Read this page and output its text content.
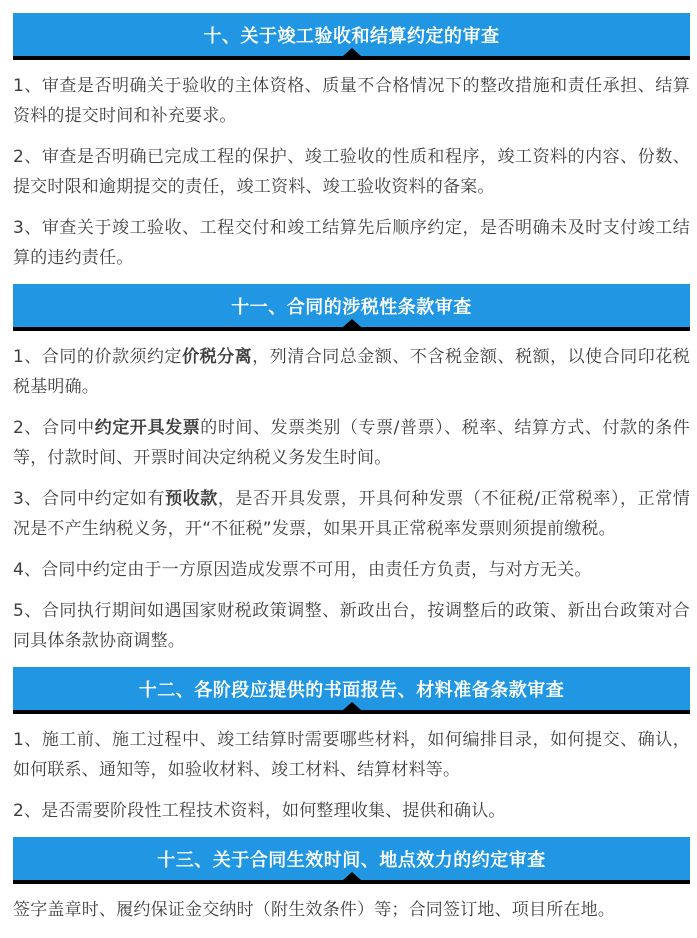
十、关于竣工验收和结算约定的审查

1、审查是否明确关于验收的主体资格、质量不合格情况下的整改措施和责任承担、结算资料的提交时间和补充要求。

2、审查是否明确已完成工程的保护、竣工验收的性质和程序，竣工资料的内容、份数、提交时限和逾期提交的责任，竣工资料、竣工验收资料的备案。

3、审查关于竣工验收、工程交付和竣工结算先后顺序约定，是否明确未及时支付竣工结算的违约责任。

十一、合同的涉税性条款审查

1、合同的价款须约定价税分离，列清合同总金额、不含税金额、税额，以使合同印花税税基明确。

2、合同中约定开具发票的时间、发票类别（专票/普票）、税率、结算方式、付款的条件等，付款时间、开票时间决定纳税义务发生时间。

3、合同中约定如有预收款，是否开具发票，开具何种发票（不征税/正常税率），正常情况是不产生纳税义务，开“不征税”发票，如果开具正常税率发票则须提前缴税。

4、合同中约定由于一方原因造成发票不可用，由责任方负责，与对方无关。

5、合同执行期间如遇国家财税政策调整、新政出台，按调整后的政策、新出台政策对合同具体条款协商调整。

十二、各阶段应提供的书面报告、材料准备条款审查

1、施工前、施工过程中、竣工结算时需要哪些材料，如何编排目录，如何提交、确认，如何联系、通知等，如验收材料、竣工材料、结算材料等。

2、是否需要阶段性工程技术资料，如何整理收集、提供和确认。

十三、关于合同生效时间、地点效力的约定审查

签字盖章时、履约保证金交纳时（附生效条件）等；合同签订地、项目所在地。
